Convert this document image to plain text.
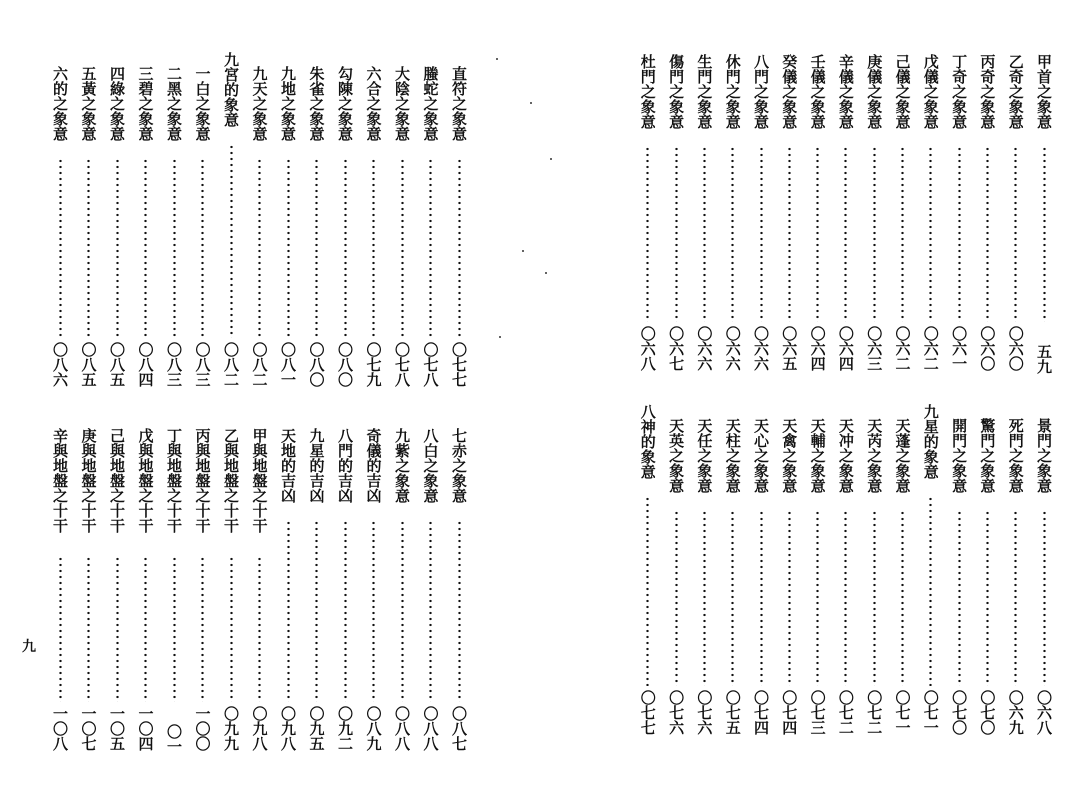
直符之象意
〇七七
螣蛇之象意
〇七八
大陰之象意
〇七八
六合之象意
〇七九
勾陳之象意
〇八〇
朱雀之象意
〇八〇
九地之象意
〇八一
九天之象意
〇八二
九宮的象意
〇八二
一白之象意
〇八三
二黑之象意
〇八三
三碧之象意
〇八四
四綠之象意
〇八五
五黃之象意
〇八五
六的之象意
〇八六
七赤之象意
〇八七
八白之象意
〇八八
九紫之象意
〇八八
奇儀的吉凶
〇八九
八門的吉凶
〇九二
九星的吉凶
〇九五
天地的吉凶
〇九八
甲與地盤之十干
〇九八
乙與地盤之十干
〇九九
丙與地盤之十干
一〇〇
丁與地盤之十干
〇一
戊與地盤之十干
一〇四
己與地盤之十干
一〇五
庚與地盤之十干
一〇七
辛與地盤之十干
一〇八
甲首之象意
五九
乙奇之象意
〇六〇
丙奇之象意
〇六〇
丁奇之象意
〇六一
戊儀之象意
〇六二
己儀之象意
〇六二
庚儀之象意
〇六三
辛儀之象意
〇六四
壬儀之象意
〇六四
癸儀之象意
〇六五
八門之象意
〇六六
休門之象意
〇六六
生門之象意
〇六六
傷門之象意
〇六七
杜門之象意
〇六八
景門之象意
〇六八
死門之象意
〇六九
驚門之象意
〇七〇
開門之象意
〇七〇
九星的象意
〇七一
天蓬之象意
〇七一
天芮之象意
〇七二
天冲之象意
〇七二
天輔之象意
〇七三
天禽之象意
〇七四
天心之象意
〇七四
天柱之象意
〇七五
天任之象意
〇七六
天英之象意
〇七六
八神的象意
〇七七
九
